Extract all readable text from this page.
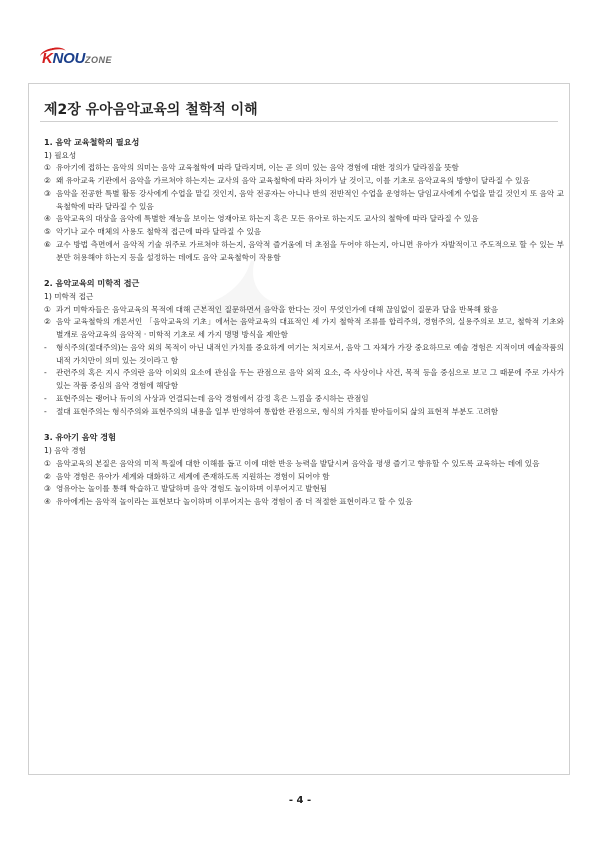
KNOUZONE
제2장 유아음악교육의 철학적 이해

1. 음악 교육철학의 필요성

1) 필요성

① 유아기에 접하는 음악의 의미는 음악 교육철학에 따라 달라지며, 이는 곧 의미 있는 음악 경험에 대한 정의가 달라짐을 뜻함
② 왜 유아교육 기관에서 음악을 가르쳐야 하는지는 교사의 음악 교육철학에 따라 차이가 날 것이고, 이를 기초로 음악교육의 방향이 달라질 수 있음
③ 음악을 전공한 특별 활동 강사에게 수업을 맡길 것인지, 음악 전공자는 아니나 반의 전반적인 수업을 운영하는 담임교사에게 수업을 맡길 것인지 또 음악 교육철학에 따라 달라질 수 있음
④ 음악교육의 대상을 음악에 특별한 재능을 보이는 영재아로 하는지 혹은 모든 유아로 하는지도 교사의 철학에 따라 달라질 수 있음
⑤ 악기나 교수 매체의 사용도 철학적 접근에 따라 달라질 수 있음
⑥ 교수 방법 측면에서 음악적 기술 위주로 가르쳐야 하는지, 음악적 즐거움에 더 초점을 두어야 하는지, 아니면 유아가 자발적이고 주도적으로 할 수 있는 부분만 허용해야 하는지 등을 설정하는 데에도 음악 교육철학이 작용함

2. 음악교육의 미학적 접근

1) 미학적 접근

① 과거 미학자들은 음악교육의 목적에 대해 근본적인 질문하면서 음악을 한다는 것이 무엇인가에 대해 끊임없이 질문과 답을 반복해 왔음
② 음악 교육철학의 개론서인 「음악교육의 기초」에서는 음악교육의 대표적인 세 가지 철학적 조류를 합리주의, 경험주의, 실용주의로 보고, 철학적 기초와 별개로 음악교육의 음악적 · 미학적 기초로 세 가지 명명 방식을 제안함
-	형식주의(절대주의)는 음악 외의 목적이 아닌 내적인 가치를 중요하게 여기는 처지로서, 음악 그 자체가 가장 중요하므로 예술 경험은 지적이며 예술작품의 내적 가치만이 의미 있는 것이라고 함
-	관련주의 혹은 지시 주의란 음악 이외의 요소에 관심을 두는 관점으로 음악 외적 요소, 즉 사상이나 사건, 목적 등을 중심으로 보고 그 때문에 주로 가사가 있는 작품 중심의 음악 경험에 해당함
-	표현주의는 랭어나 듀이의 사상과 연결되는데 음악 경험에서 감정 혹은 느낌을 중시하는 관점임
-	절대 표현주의는 형식주의와 표현주의의 내용을 일부 반영하여 통합한 관점으로, 형식의 가치를 받아들이되 삶의 표현적 부분도 고려함

3. 유아기 음악 경험

1) 음악 경험

① 음악교육의 본질은 음악의 미적 특질에 대한 이해를 돕고 이에 대한 반응 능력을 발달시켜 음악을 평생 즐기고 향유할 수 있도록 교육하는 데에 있음
② 음악 경험은 유아가 세계와 대화하고 세계에 존재하도록 지원하는 경험이 되어야 함
③ 영유아는 놀이를 통해 학습하고 발달하며 음악 경험도 놀이하며 이루어지고 발현됨
④ 유아에게는 음악적 놀이라는 표현보다 놀이하며 이루어지는 음악 경험이 좀 더 적절한 표현이라고 할 수 있음
- 4 -
